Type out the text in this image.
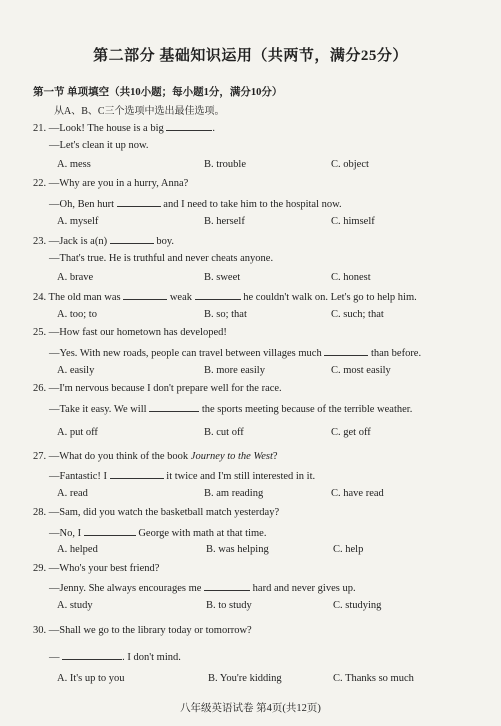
第二部分 基础知识运用（共两节，满分25分）
第一节 单项填空（共10小题；每小题1分，满分10分）
从A、B、C三个选项中选出最佳选项。
21. —Look! The house is a big	.
—Let's clean it up now.
A. mess	B. trouble	C. object
22. —Why are you in a hurry, Anna?
—Oh, Ben hurt	and I need to take him to the hospital now.
A. myself	B. herself	C. himself
23. —Jack is a(n)	boy.
—That's true. He is truthful and never cheats anyone.
A. brave	B. sweet	C. honest
24. The old man was	weak	he couldn't walk on. Let's go to help him.
A. too; to	B. so; that	C. such; that
25. —How fast our hometown has developed!
—Yes. With new roads, people can travel between villages much	than before.
A. easily	B. more easily	C. most easily
26. —I'm nervous because I don't prepare well for the race.
—Take it easy. We will	the sports meeting because of the terrible weather.
A. put off	B. cut off	C. get off
27. —What do you think of the book Journey to the West?
—Fantastic! I	it twice and I'm still interested in it.
A. read	B. am reading	C. have read
28. —Sam, did you watch the basketball match yesterday?
—No, I	George with math at that time.
A. helped	B. was helping	C. help
29. —Who's your best friend?
—Jenny. She always encourages me	hard and never gives up.
A. study	B. to study	C. studying
30. —Shall we go to the library today or tomorrow?
—	. I don't mind.
A. It's up to you	B. You're kidding	C. Thanks so much
八年级英语试卷 第4页(共12页)
